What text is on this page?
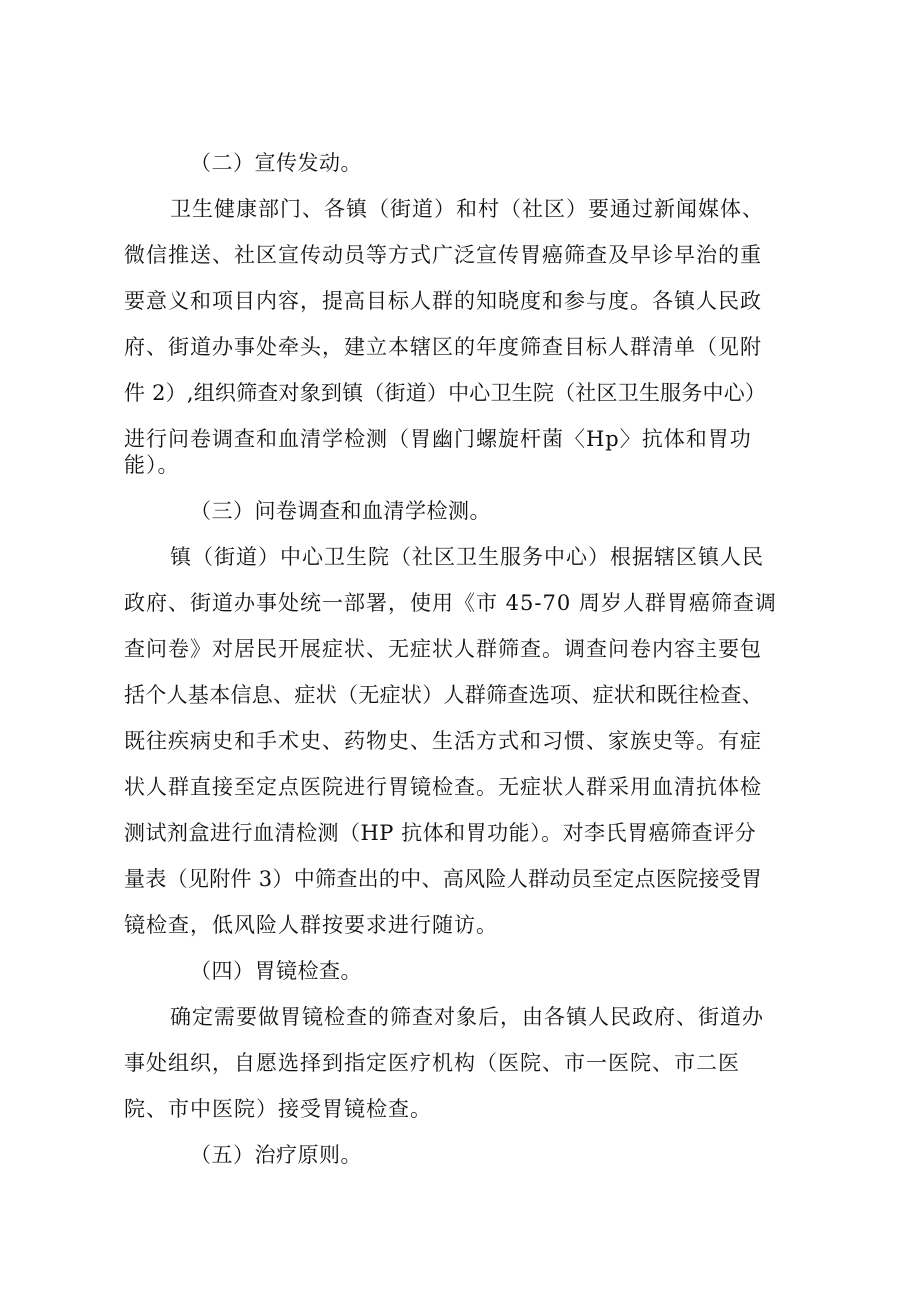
（二）宣传发动。
卫生健康部门、各镇（街道）和村（社区）要通过新闻媒体、
微信推送、社区宣传动员等方式广泛宣传胃癌筛查及早诊早治的重
要意义和项目内容，提高目标人群的知晓度和参与度。各镇人民政
府、街道办事处牵头，建立本辖区的年度筛查目标人群清单（见附
件 2）,组织筛查对象到镇（街道）中心卫生院（社区卫生服务中心）
进行问卷调查和血清学检测（胃幽门螺旋杆菌〈Hp〉抗体和胃功
能）。
（三）问卷调查和血清学检测。
镇（街道）中心卫生院（社区卫生服务中心）根据辖区镇人民
政府、街道办事处统一部署，使用《市 45-70 周岁人群胃癌筛查调
查问卷》对居民开展症状、无症状人群筛查。调查问卷内容主要包
括个人基本信息、症状（无症状）人群筛查选项、症状和既往检查、
既往疾病史和手术史、药物史、生活方式和习惯、家族史等。有症
状人群直接至定点医院进行胃镜检查。无症状人群采用血清抗体检
测试剂盒进行血清检测（HP 抗体和胃功能）。对李氏胃癌筛查评分
量表（见附件 3）中筛查出的中、高风险人群动员至定点医院接受胃
镜检查，低风险人群按要求进行随访。
（四）胃镜检查。
确定需要做胃镜检查的筛查对象后，由各镇人民政府、街道办
事处组织，自愿选择到指定医疗机构（医院、市一医院、市二医
院、市中医院）接受胃镜检查。
（五）治疗原则。
